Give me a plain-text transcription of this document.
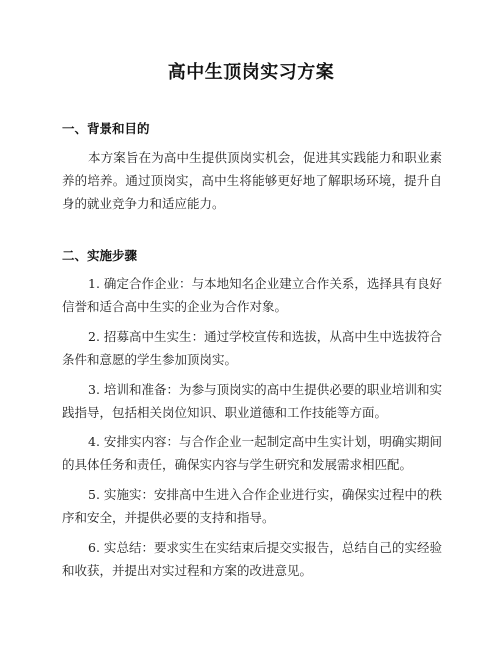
高中生顶岗实习方案
一、背景和目的

本方案旨在为高中生提供顶岗实机会，促进其实践能力和职业素养的培养。通过顶岗实，高中生将能够更好地了解职场环境，提升自身的就业竞争力和适应能力。

二、实施步骤

1. 确定合作企业：与本地知名企业建立合作关系，选择具有良好信誉和适合高中生实的企业为合作对象。

2. 招募高中生实生：通过学校宣传和选拔，从高中生中选拔符合条件和意愿的学生参加顶岗实。

3. 培训和准备：为参与顶岗实的高中生提供必要的职业培训和实践指导，包括相关岗位知识、职业道德和工作技能等方面。

4. 安排实内容：与合作企业一起制定高中生实计划，明确实期间的具体任务和责任，确保实内容与学生研究和发展需求相匹配。

5. 实施实：安排高中生进入合作企业进行实，确保实过程中的秩序和安全，并提供必要的支持和指导。

6. 实总结：要求实生在实结束后提交实报告，总结自己的实经验和收获，并提出对实过程和方案的改进意见。
